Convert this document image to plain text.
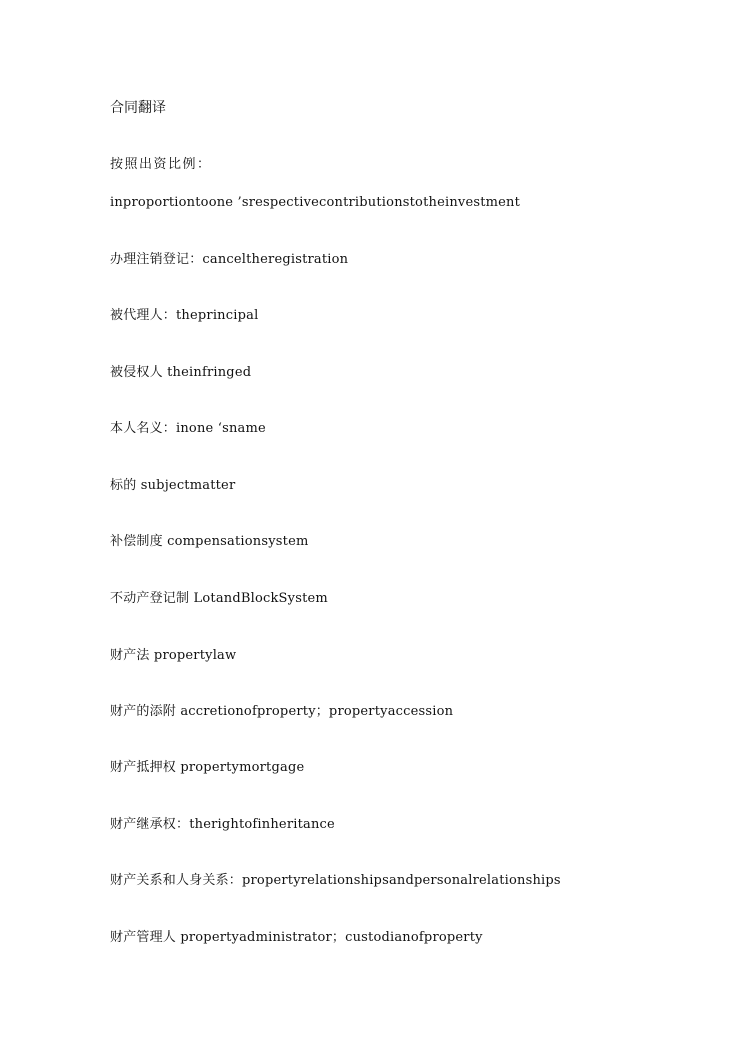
合同翻译
按照出资比例：
inproportiontoone ’srespectivecontributionstotheinvestment
办理注销登记：canceltheregistration
被代理人：theprincipal
被侵权人 theinfringed
本人名义：inone ‘sname
标的 subjectmatter
补偿制度 compensationsystem
不动产登记制 LotandBlockSystem
财产法 propertylaw
财产的添附 accretionofproperty；propertyaccession
财产抵押权 propertymortgage
财产继承权：therightofinheritance
财产关系和人身关系：propertyrelationshipsandpersonalrelationships
财产管理人 propertyadministrator；custodianofproperty
